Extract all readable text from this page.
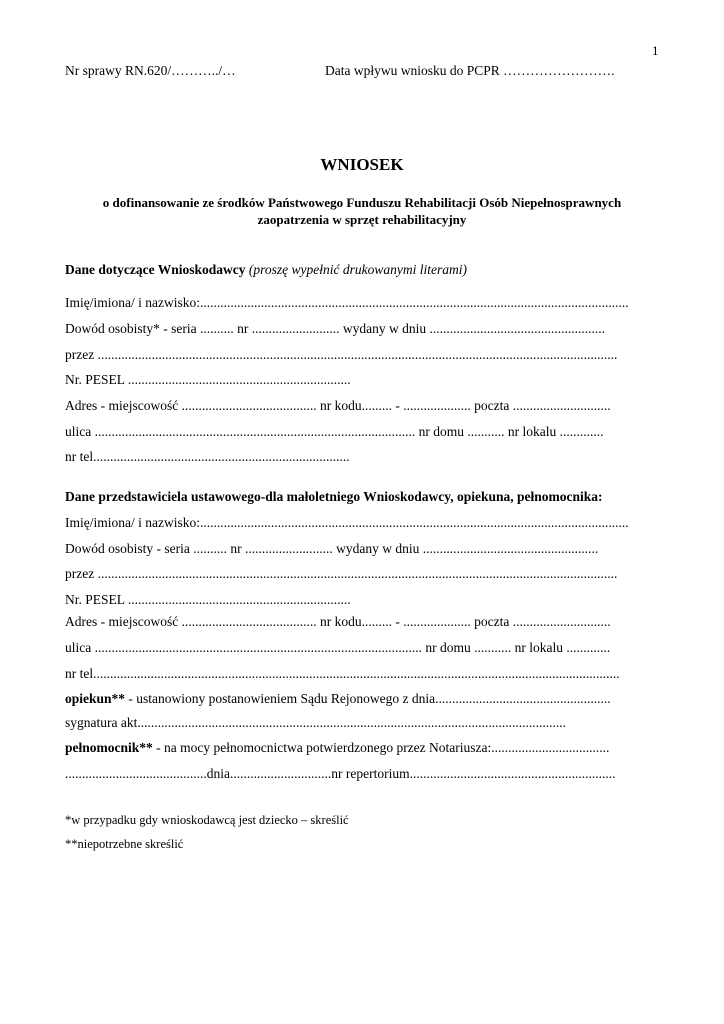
1
Nr sprawy RN.620/………../…	Data wpływu wniosku do PCPR …………………….
WNIOSEK
o dofinansowanie ze środków Państwowego Funduszu Rehabilitacji Osób Niepełnosprawnych
zaopatrzenia w sprzęt rehabilitacyjny
Dane dotyczące Wnioskodawcy (proszę wypełnić drukowanymi literami)
Imię/imiona/ i nazwisko:...............................................................................................................................
Dowód osobisty* - seria .......... nr .......................... wydany w dniu ....................................................
przez ..........................................................................................................................................................
Nr. PESEL ..................................................................
Adres - miejscowość ........................................ nr kodu......... - .................... poczta .............................
ulica ............................................................................................... nr domu ........... nr lokalu .............
nr tel............................................................................
Dane przedstawiciela ustawowego-dla małoletniego Wnioskodawcy, opiekuna, pełnomocnika:
Imię/imiona/ i nazwisko:...............................................................................................................................
Dowód osobisty - seria .......... nr .......................... wydany w dniu ....................................................
przez ..........................................................................................................................................................
Nr. PESEL ..................................................................
Adres - miejscowość ........................................ nr kodu......... - .................... poczta .............................
ulica ................................................................................................. nr domu ........... nr lokalu .............
nr tel............................................................................................................................................................
opiekun** - ustanowiony postanowieniem Sądu Rejonowego z dnia....................................................
sygnatura akt...............................................................................................................................
pełnomocnik** - na mocy pełnomocnictwa potwierdzonego przez Notariusza:...................................
..........................................dnia..............................nr repertorium.............................................................
*w przypadku gdy wnioskodawcą jest dziecko – skreślić
**niepotrzebne skreślić
